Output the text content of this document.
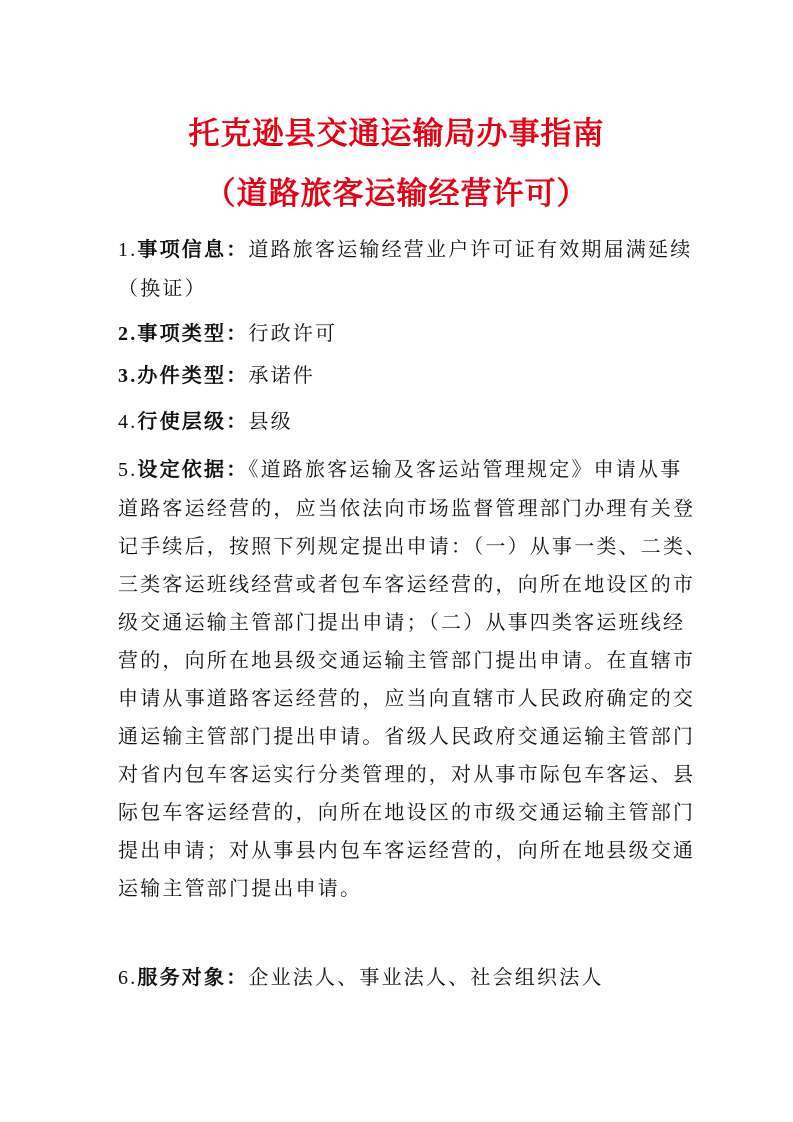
托克逊县交通运输局办事指南
（道路旅客运输经营许可）
1.事项信息：道路旅客运输经营业户许可证有效期届满延续
（换证）
2.事项类型：行政许可
3.办件类型：承诺件
4.行使层级：县级
5.设定依据：《道路旅客运输及客运站管理规定》申请从事
道路客运经营的，应当依法向市场监督管理部门办理有关登
记手续后，按照下列规定提出申请：（一）从事一类、二类、
三类客运班线经营或者包车客运经营的，向所在地设区的市
级交通运输主管部门提出申请；（二）从事四类客运班线经
营的，向所在地县级交通运输主管部门提出申请。在直辖市
申请从事道路客运经营的，应当向直辖市人民政府确定的交
通运输主管部门提出申请。省级人民政府交通运输主管部门
对省内包车客运实行分类管理的，对从事市际包车客运、县
际包车客运经营的，向所在地设区的市级交通运输主管部门
提出申请；对从事县内包车客运经营的，向所在地县级交通
运输主管部门提出申请。
6.服务对象：企业法人、事业法人、社会组织法人
